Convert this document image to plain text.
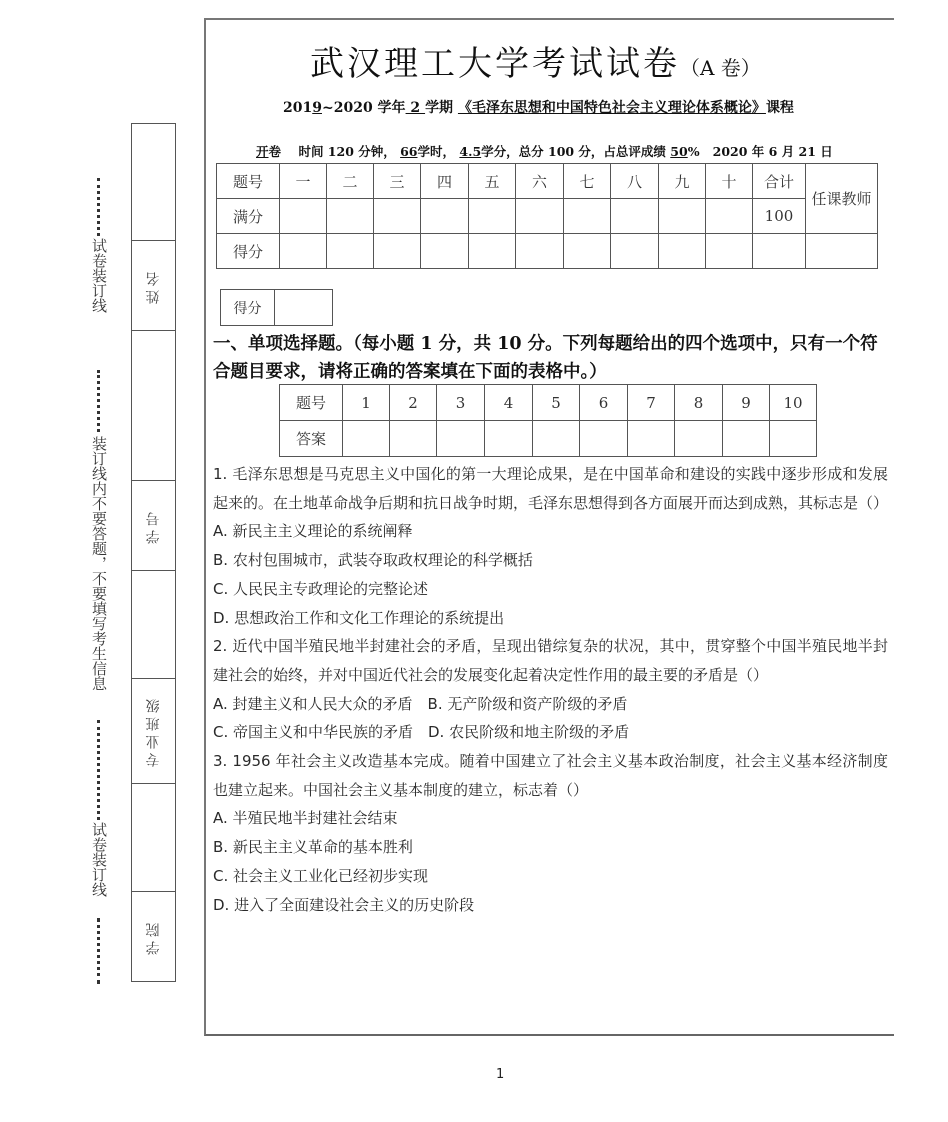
试卷装订线
装订线内不要答题，不要填写考生信息
试卷装订线
姓名
学号
专业班级
学院
武汉理工大学考试试卷（A 卷）
2019~2020 学年 2 学期 《毛泽东思想和中国特色社会主义理论体系概论》课程
开卷 时间 120 分钟， 66学时， 4.5学分，总分 100 分，占总评成绩 50% 2020 年 6 月 21 日
题号	一	二	三	四	五	六	七	八	九	十	合计	任课教师
满分											100	
得分												
得分	
一、单项选择题。（每小题 1 分，共 10 分。下列每题给出的四个选项中，只有一个符合题目要求，请将正确的答案填在下面的表格中。）
题号	1	2	3	4	5	6	7	8	9	10
答案										

1. 毛泽东思想是马克思主义中国化的第一大理论成果，是在中国革命和建设的实践中逐步形成和发展起来的。在土地革命战争后期和抗日战争时期，毛泽东思想得到各方面展开而达到成熟，其标志是（）

A. 新民主主义理论的系统阐释

B. 农村包围城市，武装夺取政权理论的科学概括

C. 人民民主专政理论的完整论述

D. 思想政治工作和文化工作理论的系统提出

2. 近代中国半殖民地半封建社会的矛盾，呈现出错综复杂的状况，其中，贯穿整个中国半殖民地半封建社会的始终，并对中国近代社会的发展变化起着决定性作用的最主要的矛盾是（）

A. 封建主义和人民大众的矛盾　B. 无产阶级和资产阶级的矛盾

C. 帝国主义和中华民族的矛盾　D. 农民阶级和地主阶级的矛盾

3. 1956 年社会主义改造基本完成。随着中国建立了社会主义基本政治制度，社会主义基本经济制度也建立起来。中国社会主义基本制度的建立，标志着（）

A. 半殖民地半封建社会结束

B. 新民主主义革命的基本胜利

C. 社会主义工业化已经初步实现

D. 进入了全面建设社会主义的历史阶段

1
